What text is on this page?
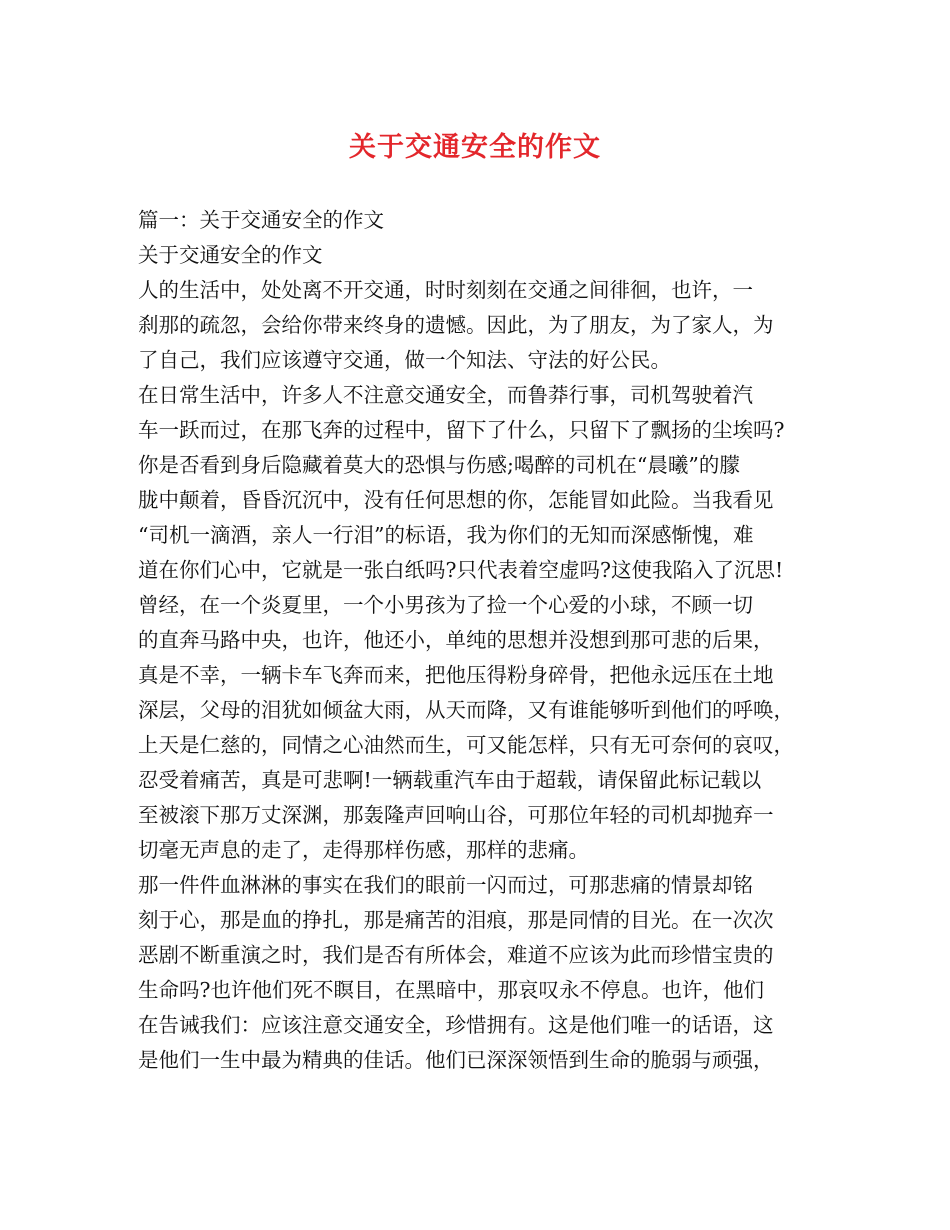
关于交通安全的作文
篇一：关于交通安全的作文
关于交通安全的作文
人的生活中，处处离不开交通，时时刻刻在交通之间徘徊，也许，一
刹那的疏忽，会给你带来终身的遗憾。因此，为了朋友，为了家人，为
了自己，我们应该遵守交通，做一个知法、守法的好公民。
在日常生活中，许多人不注意交通安全，而鲁莽行事，司机驾驶着汽
车一跃而过，在那飞奔的过程中，留下了什么，只留下了飘扬的尘埃吗?
你是否看到身后隐藏着莫大的恐惧与伤感;喝醉的司机在“晨曦”的朦
胧中颠着，昏昏沉沉中，没有任何思想的你，怎能冒如此险。当我看见
“司机一滴酒，亲人一行泪”的标语，我为你们的无知而深感惭愧，难
道在你们心中，它就是一张白纸吗?只代表着空虚吗?这使我陷入了沉思!
曾经，在一个炎夏里，一个小男孩为了捡一个心爱的小球，不顾一切
的直奔马路中央，也许，他还小，单纯的思想并没想到那可悲的后果，
真是不幸，一辆卡车飞奔而来，把他压得粉身碎骨，把他永远压在土地
深层，父母的泪犹如倾盆大雨，从天而降，又有谁能够听到他们的呼唤，
上天是仁慈的，同情之心油然而生，可又能怎样，只有无可奈何的哀叹，
忍受着痛苦，真是可悲啊!一辆载重汽车由于超载，请保留此标记载以
至被滚下那万丈深渊，那轰隆声回响山谷，可那位年轻的司机却抛弃一
切毫无声息的走了，走得那样伤感，那样的悲痛。
那一件件血淋淋的事实在我们的眼前一闪而过，可那悲痛的情景却铭
刻于心，那是血的挣扎，那是痛苦的泪痕，那是同情的目光。在一次次
恶剧不断重演之时，我们是否有所体会，难道不应该为此而珍惜宝贵的
生命吗?也许他们死不瞑目，在黑暗中，那哀叹永不停息。也许，他们
在告诫我们：应该注意交通安全，珍惜拥有。这是他们唯一的话语，这
是他们一生中最为精典的佳话。他们已深深领悟到生命的脆弱与顽强，
